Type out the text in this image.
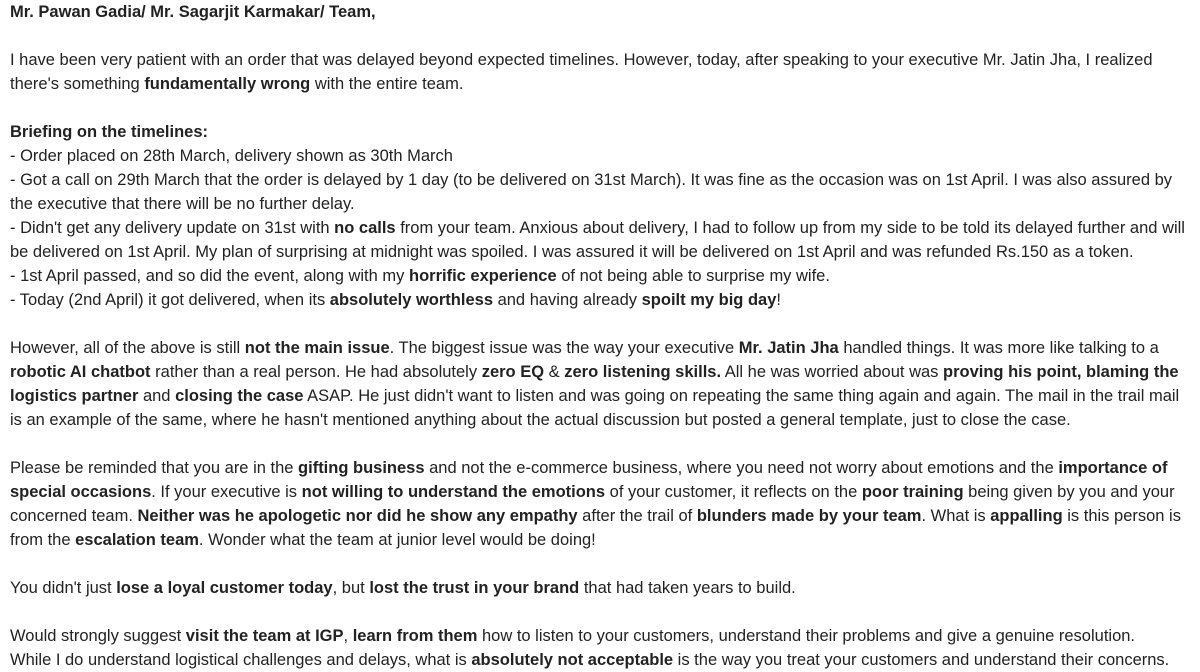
Mr. Pawan Gadia/ Mr. Sagarjit Karmakar/ Team,

I have been very patient with an order that was delayed beyond expected timelines. However, today, after speaking to your executive Mr. Jatin Jha, I realized there's something fundamentally wrong with the entire team.

Briefing on the timelines:
- Order placed on 28th March, delivery shown as 30th March
- Got a call on 29th March that the order is delayed by 1 day (to be delivered on 31st March). It was fine as the occasion was on 1st April. I was also assured by the executive that there will be no further delay.
- Didn't get any delivery update on 31st with no calls from your team. Anxious about delivery, I had to follow up from my side to be told its delayed further and will be delivered on 1st April. My plan of surprising at midnight was spoiled. I was assured it will be delivered on 1st April and was refunded Rs.150 as a token.
- 1st April passed, and so did the event, along with my horrific experience of not being able to surprise my wife.
- Today (2nd April) it got delivered, when its absolutely worthless and having already spoilt my big day!

However, all of the above is still not the main issue. The biggest issue was the way your executive Mr. Jatin Jha handled things. It was more like talking to a robotic AI chatbot rather than a real person. He had absolutely zero EQ & zero listening skills. All he was worried about was proving his point, blaming the logistics partner and closing the case ASAP. He just didn't want to listen and was going on repeating the same thing again and again. The mail in the trail mail is an example of the same, where he hasn't mentioned anything about the actual discussion but posted a general template, just to close the case.

Please be reminded that you are in the gifting business and not the e-commerce business, where you need not worry about emotions and the importance of special occasions. If your executive is not willing to understand the emotions of your customer, it reflects on the poor training being given by you and your concerned team. Neither was he apologetic nor did he show any empathy after the trail of blunders made by your team. What is appalling is this person is from the escalation team. Wonder what the team at junior level would be doing!

You didn't just lose a loyal customer today, but lost the trust in your brand that had taken years to build.

Would strongly suggest visit the team at IGP, learn from them how to listen to your customers, understand their problems and give a genuine resolution.
While I do understand logistical challenges and delays, what is absolutely not acceptable is the way you treat your customers and understand their concerns.
